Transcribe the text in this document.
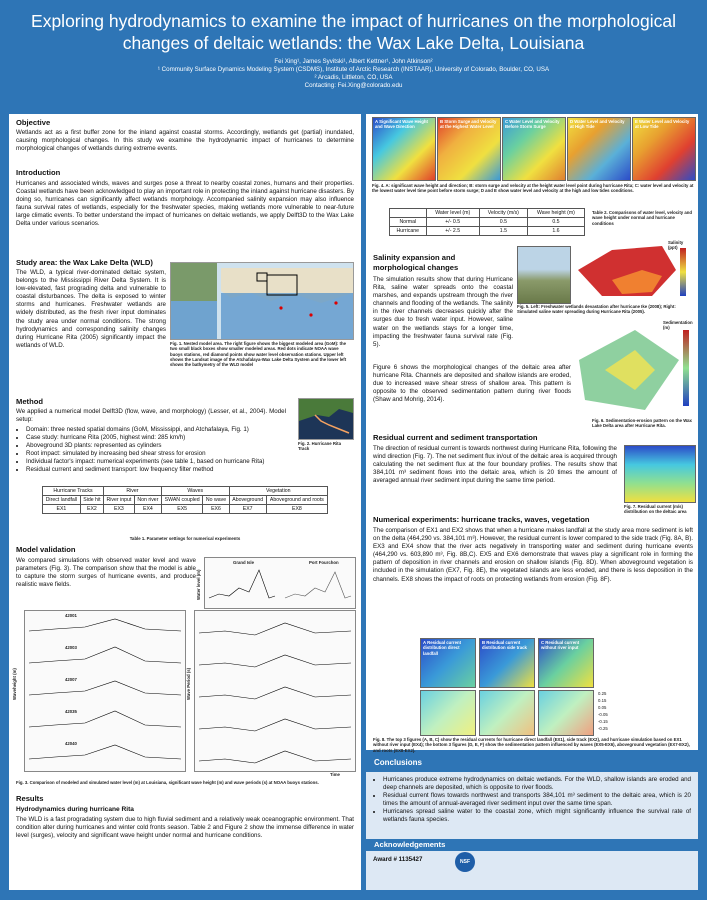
Exploring hydrodynamics to examine the impact of hurricanes on the morphological changes of deltaic wetlands: the Wax Lake Delta, Louisiana
Fei Xing¹, James Syvitski¹, Albert Kettner¹, John Atkinson²
¹ Community Surface Dynamics Modeling System (CSDMS), Institute of Arctic Research (INSTAAR), University of Colorado, Boulder, CO, USA
² Arcadis, Littleton, CO, USA
Contacting: Fei.Xing@colorado.edu
Objective
Wetlands act as a first buffer zone for the inland against coastal storms. Accordingly, wetlands get (partial) inundated, causing morphological changes. In this study we examine the hydrodynamic impact of hurricanes to determine morphological changes of wetlands during extreme events.
Introduction
Hurricanes and associated winds, waves and surges pose a threat to nearby coastal zones, humans and their properties. Coastal wetlands have been acknowledged to play an important role in protecting the inland against hurricane disasters. By doing so, hurricanes can significantly affect wetlands morphology. Accompanied salinity expansion may also influence fauna survival rates of wetlands, especially for the freshwater species, making wetlands more vulnerable to near-future large climatic events. To better understand the impact of hurricanes on deltaic wetlands, we apply Delft3D to the Wax Lake Delta under various scenarios.
Study area: the Wax Lake Delta (WLD)
The WLD, a typical river-dominated deltaic system, belongs to the Mississippi River Delta System. It is low-elevated, fast prograding delta and vulnerable to coastal disturbances. The delta is exposed to winter storms and hurricanes. Freshwater wetlands are widely distributed, as the fresh river input dominates the study area under normal conditions. The strong hydrodynamics and corresponding salinity changes during Hurricane Rita (2005) significantly impact the wetlands of WLD.	Fig. 1. Nested model area. The right figure shows the biggest modeled area (GoM): the two small black boxes show smaller modeled areas. Red dots indicate NOAA wave buoys stations, red diamond points show water level observation stations. Upper left shows the Landsat image of the Atchafalaya-Wax Lake Delta System and the lower left shows the bathymetry of the WLD model
Method
We applied a numerical model Delft3D (flow, wave, and morphology) (Lesser, et al., 2004). Model setup:
• Domain: three nested spatial domains (GoM, Mississippi, and Atchafalaya, Fig. 1)
• Case study: hurricane Rita (2005, highest wind: 285 km/h)
• Aboveground 3D plants: represented as cylinders
• Root impact: simulated by increasing bed shear stress for erosion
• Individual factor's impact: numerical experiments (see table 1, based on hurricane Rita)
• Residual current and sediment transport: low frequency filter method
Fig. 2. Hurricane Rita Track
Hurricane Tracks		River		Waves		Vegetation	
Direct landfall	Side hit	River input	Non river	SWAN coupled	No wave	Aboveground	Aboveground and roots
EX1	EX2	EX3	EX4	EX5	EX6	EX7	EX8
Table 1. Parameter settings for numerical experiments
Model validation
We compared simulations with observed water level and wave parameters (Fig. 3). The comparison show that the model is able to capture the storm surges of hurricane events, and produce realistic wave fields.
Grand Isle	Port Fourchon
Water level (m)
42001
42003
42007
42035
42040
Waveheight (m)	Wave Period (s)
Time
Fig. 3. Comparison of modeled and simulated water level (m) at Louisiana, significant wave height (m) and wave periods (s) at NOAA buoys stations.
Results
Hydrodynamics during hurricane Rita
The WLD is a fast progradating system due to high fluvial sediment and a relatively weak oceanographic environment. That condition alter during hurricanes and winter cold fronts season. Table 2 and Figure 2 show the immense difference in water level (surges), velocity and significant wave height under normal and hurricane conditions.
A Significant Wave Height and Wave Direction
B Storm Surge and Velocity at the Highest Water Level
C Water Level and Velocity Before Storm Surge
D Water Level and Velocity at High Tide
E Water Level and Velocity at Low Tide
Fig. 4. A: significant wave height and direction; B: storm surge and velocity at the height water level point during hurricane Rita; C: water level and velocity at the lowest water level time point before storm surge; D and E show water level and velocity at the high and low tides conditions.
	Water level (m)	Velocity (m/s)	Wave height (m)
Normal	+/- 0.5	0.5	0.5
Hurricane	+/- 2.5	1.5	1.6
Table 2. Comparisons of water level, velocity and wave height under normal and hurricane conditions
Salinity expansion and morphological changes
The simulation results show that during Hurricane Rita, saline water spreads onto the coastal marshes, and expands upstream through the river channels and flooding of the wetlands. The salinity in the river channels decreases quickly after the surges due to fresh water input. However, saline water on the wetlands stays for a longer time, impacting the freshwater fauna survival rate (Fig. 5).
Salinity (ppt)
Fig. 5. Left: Freshwater wetlands devastation after hurricane Ike (2008); Right: Simulated saline water spreading during Hurricane Rita (2005).
Sedimentation (m)
Figure 6 shows the morphological changes of the deltaic area after hurricane Rita. Channels are deposited and shallow islands are eroded, due to increased wave shear stress of shallow area. This pattern is opposite to the observed sedimentation pattern during river floods (Shaw and Mohrig, 2014).
Fig. 6. Sedimentation-erosion pattern on the Wax Lake Delta area after Hurricane Rita.
Residual current and sediment transportation
The direction of residual current is towards northwest during Hurricane Rita, following the wind direction (Fig. 7). The net sediment flux in/out of the deltaic area is acquired through calculating the net sediment flux at the four boundary profiles. The results show that 384,101 m³ sediment flows into the deltaic area, which is 20 times the amount of averaged annual river sediment input during the same time period.
Fig. 7. Residual current (m/s) distribution on the deltaic area
Numerical experiments: hurricane tracks, waves, vegetation
The comparison of EX1 and EX2 shows that when a hurricane makes landfall at the study area more sediment is left on the delta (464,290 vs. 384,101 m³). However, the residual current is lower compared to the side track (Fig. 8A, B). EX3 and EX4 show that the river acts negatively in transporting water and sediment during hurricane events (464,290 vs. 603,890 m³, Fig. 8B,C). EX5 and EX6 demonstrate that waves play a significant role in forming the pattern of deposition in river channels and erosion on shallow islands (Fig. 8D). When aboveground vegetation is included in the simulation (EX7, Fig. 8E), the vegetated islands are less eroded, and there is less deposition in the channels. EX8 shows the impact of roots on protecting wetlands from erosion (Fig. 8F).
A Residual current distribution direct landfall
B Residual current distribution side track
C Residual current without river input
0.25
0.15
0.05
-0.05
-0.15
-0.25
Fig. 8. The top 3 figures (A, B, C) show the residual currents for hurricane direct landfall (EX1), side track (EX2), and hurricane simulation based on EX1 without river input (EX4); the bottom 3 figures (D, E, F) show the sedimentation pattern influenced by waves (EX5-EX6), aboveground vegetation (EX7-EX2), and roots (EX8-EX2).
Conclusions
• Hurricanes produce extreme hydrodynamics on deltaic wetlands. For the WLD, shallow islands are eroded and deep channels are deposited, which is opposite to river floods.
• Residual current flows towards northwest and transports 384,101 m³ sediment to the deltaic area, which is 20 times the amount of annual-averaged river sediment input over the same time span.
• Hurricanes spread saline water to the coastal zone, which might significantly influence the survival rate of wetlands fauna species.
Acknowledgements
Award # 1135427	NSF
